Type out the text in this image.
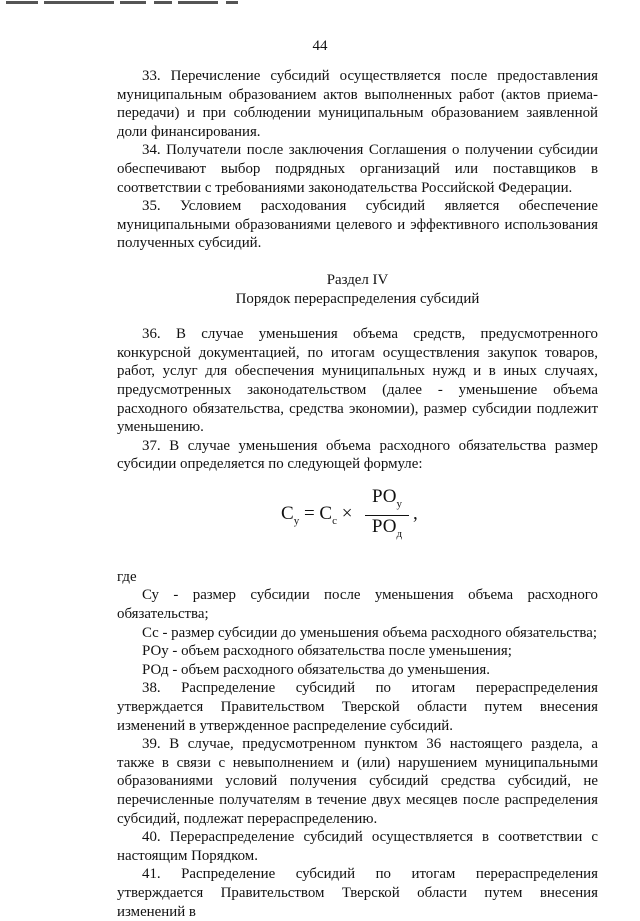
44

33. Перечисление субсидий осуществляется после предоставления муниципальным образованием актов выполненных работ (актов приема-передачи) и при соблюдении муниципальным образованием заявленной доли финансирования.

34. Получатели после заключения Соглашения о получении субсидии обеспечивают выбор подрядных организаций или поставщиков в соответствии с требованиями законодательства Российской Федерации.

35. Условием расходования субсидий является обеспечение муниципальными образованиями целевого и эффективного использования полученных субсидий.

Раздел IV
Порядок перераспределения субсидий

36. В случае уменьшения объема средств, предусмотренного конкурсной документацией, по итогам осуществления закупок товаров, работ, услуг для обеспечения муниципальных нужд и в иных случаях, предусмотренных законодательством (далее - уменьшение объема расходного обязательства, средства экономии), размер субсидии подлежит уменьшению.

37. В случае уменьшения объема расходного обязательства размер субсидии определяется по следующей формуле:

$С_у = С_с$ ×
$РО_у$
$РО_д$
,

где

Су - размер субсидии после уменьшения объема расходного обязательства;

Сс - размер субсидии до уменьшения объема расходного обязательства;

РОу - объем расходного обязательства после уменьшения;

РОд - объем расходного обязательства до уменьшения.

38. Распределение субсидий по итогам перераспределения утверждается Правительством Тверской области путем внесения изменений в утвержденное распределение субсидий.

39. В случае, предусмотренном пунктом 36 настоящего раздела, а также в связи с невыполнением и (или) нарушением муниципальными образованиями условий получения субсидий средства субсидий, не перечисленные получателям в течение двух месяцев после распределения субсидий, подлежат перераспределению.

40. Перераспределение субсидий осуществляется в соответствии с настоящим Порядком.

41. Распределение субсидий по итогам перераспределения утверждается Правительством Тверской области путем внесения изменений в
